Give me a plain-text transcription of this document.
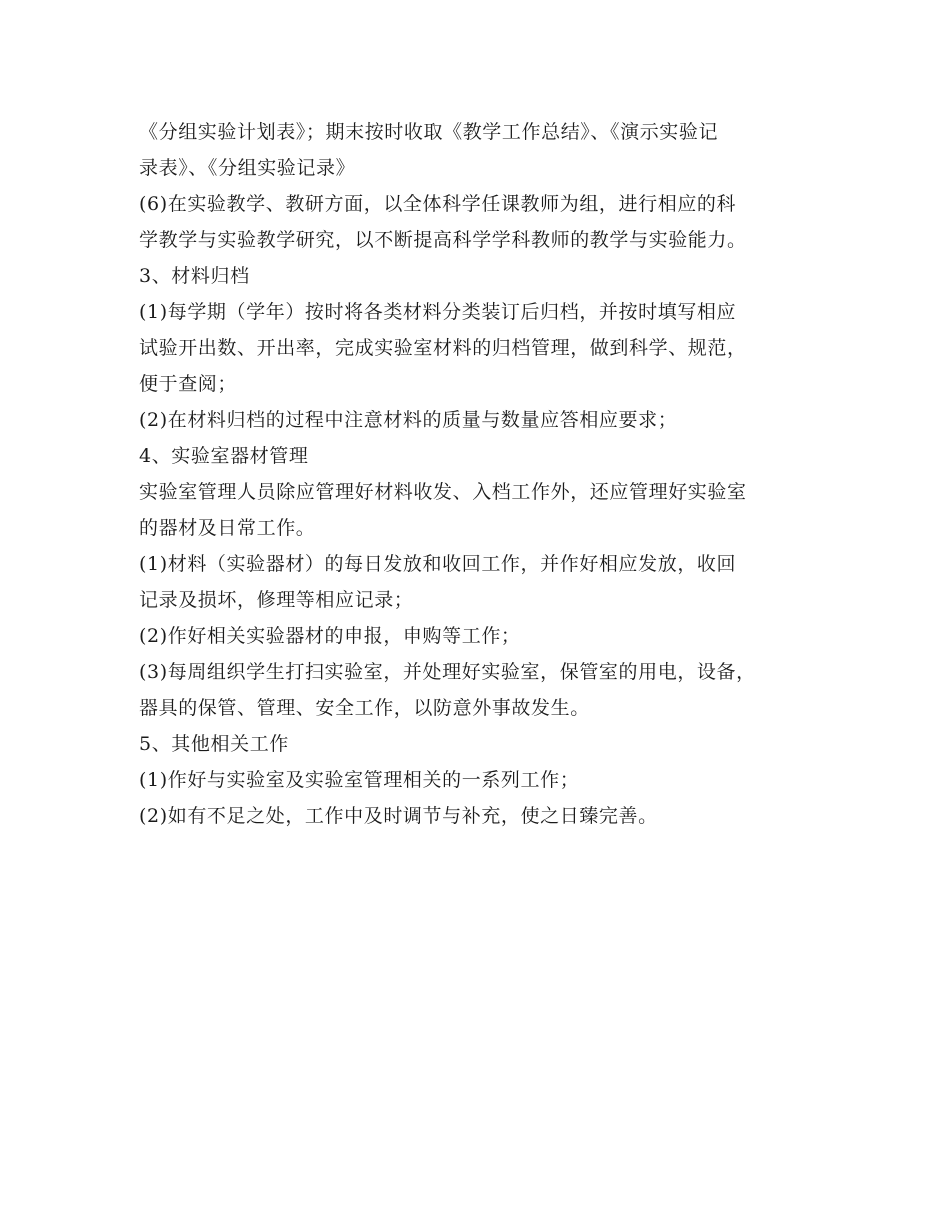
《分组实验计划表》；期末按时收取《教学工作总结》、《演示实验记
录表》、《分组实验记录》
(6)在实验教学、教研方面，以全体科学任课教师为组，进行相应的科
学教学与实验教学研究，以不断提高科学学科教师的教学与实验能力。
3、材料归档
(1)每学期（学年）按时将各类材料分类装订后归档，并按时填写相应
试验开出数、开出率，完成实验室材料的归档管理，做到科学、规范，
便于查阅；
(2)在材料归档的过程中注意材料的质量与数量应答相应要求；
4、实验室器材管理
实验室管理人员除应管理好材料收发、入档工作外，还应管理好实验室
的器材及日常工作。
(1)材料（实验器材）的每日发放和收回工作，并作好相应发放，收回
记录及损坏，修理等相应记录；
(2)作好相关实验器材的申报，申购等工作；
(3)每周组织学生打扫实验室，并处理好实验室，保管室的用电，设备，
器具的保管、管理、安全工作，以防意外事故发生。
5、其他相关工作
(1)作好与实验室及实验室管理相关的一系列工作；
(2)如有不足之处，工作中及时调节与补充，使之日臻完善。
